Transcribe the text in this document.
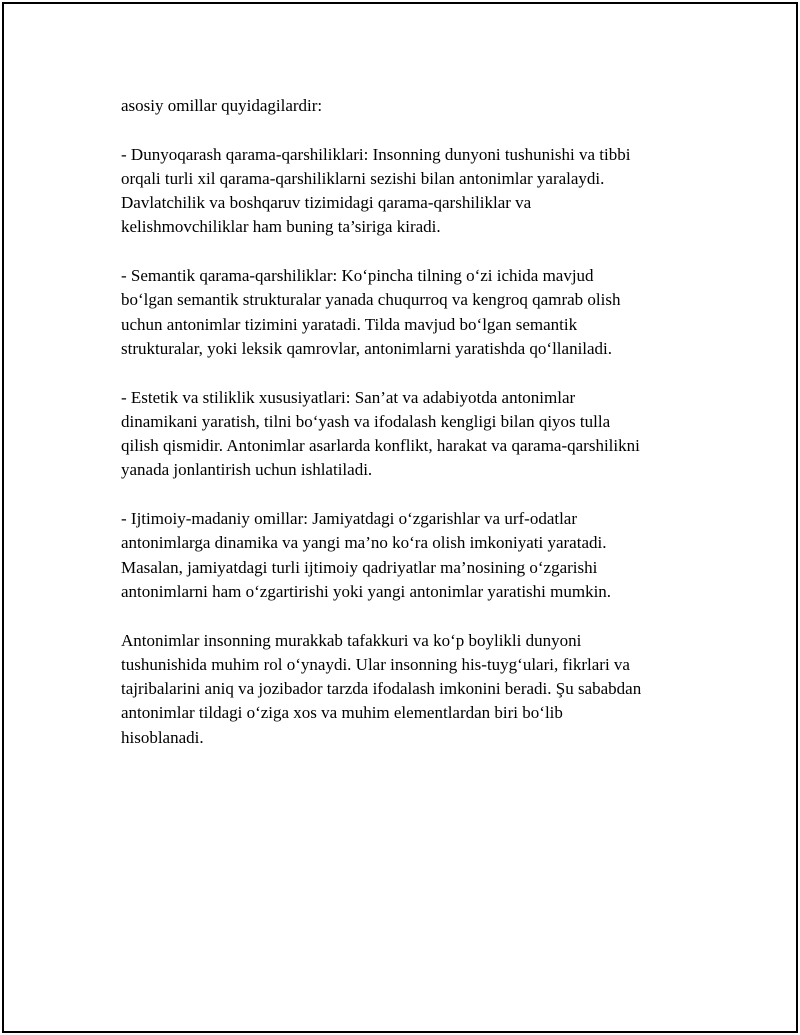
asosiy omillar quyidagilardir:

- Dunyoqarash qarama-qarshiliklari: Insonning dunyoni tushunishi va tibbi
orqali turli xil qarama-qarshiliklarni sezishi bilan antonimlar yaralaydi.
Davlatchilik va boshqaruv tizimidagi qarama-qarshiliklar va
kelishmovchiliklar ham buning ta’siriga kiradi.

- Semantik qarama-qarshiliklar: Ko‘pincha tilning o‘zi ichida mavjud
bo‘lgan semantik strukturalar yanada chuqurroq va kengroq qamrab olish
uchun antonimlar tizimini yaratadi. Tilda mavjud bo‘lgan semantik
strukturalar, yoki leksik qamrovlar, antonimlarni yaratishda qo‘llaniladi.

- Estetik va stiliklik xususiyatlari: San’at va adabiyotda antonimlar
dinamikani yaratish, tilni bo‘yash va ifodalash kengligi bilan qiyos tulla
qilish qismidir. Antonimlar asarlarda konflikt, harakat va qarama-qarshilikni
yanada jonlantirish uchun ishlatiladi.

- Ijtimoiy-madaniy omillar: Jamiyatdagi o‘zgarishlar va urf-odatlar
antonimlarga dinamika va yangi ma’no ko‘ra olish imkoniyati yaratadi.
Masalan, jamiyatdagi turli ijtimoiy qadriyatlar ma’nosining o‘zgarishi
antonimlarni ham o‘zgartirishi yoki yangi antonimlar yaratishi mumkin.

Antonimlar insonning murakkab tafakkuri va ko‘p boylikli dunyoni
tushunishida muhim rol o‘ynaydi. Ular insonning his-tuyg‘ulari, fikrlari va
tajribalarini aniq va jozibador tarzda ifodalash imkonini beradi. Şu sababdan
antonimlar tildagi o‘ziga xos va muhim elementlardan biri bo‘lib
hisoblanadi.
